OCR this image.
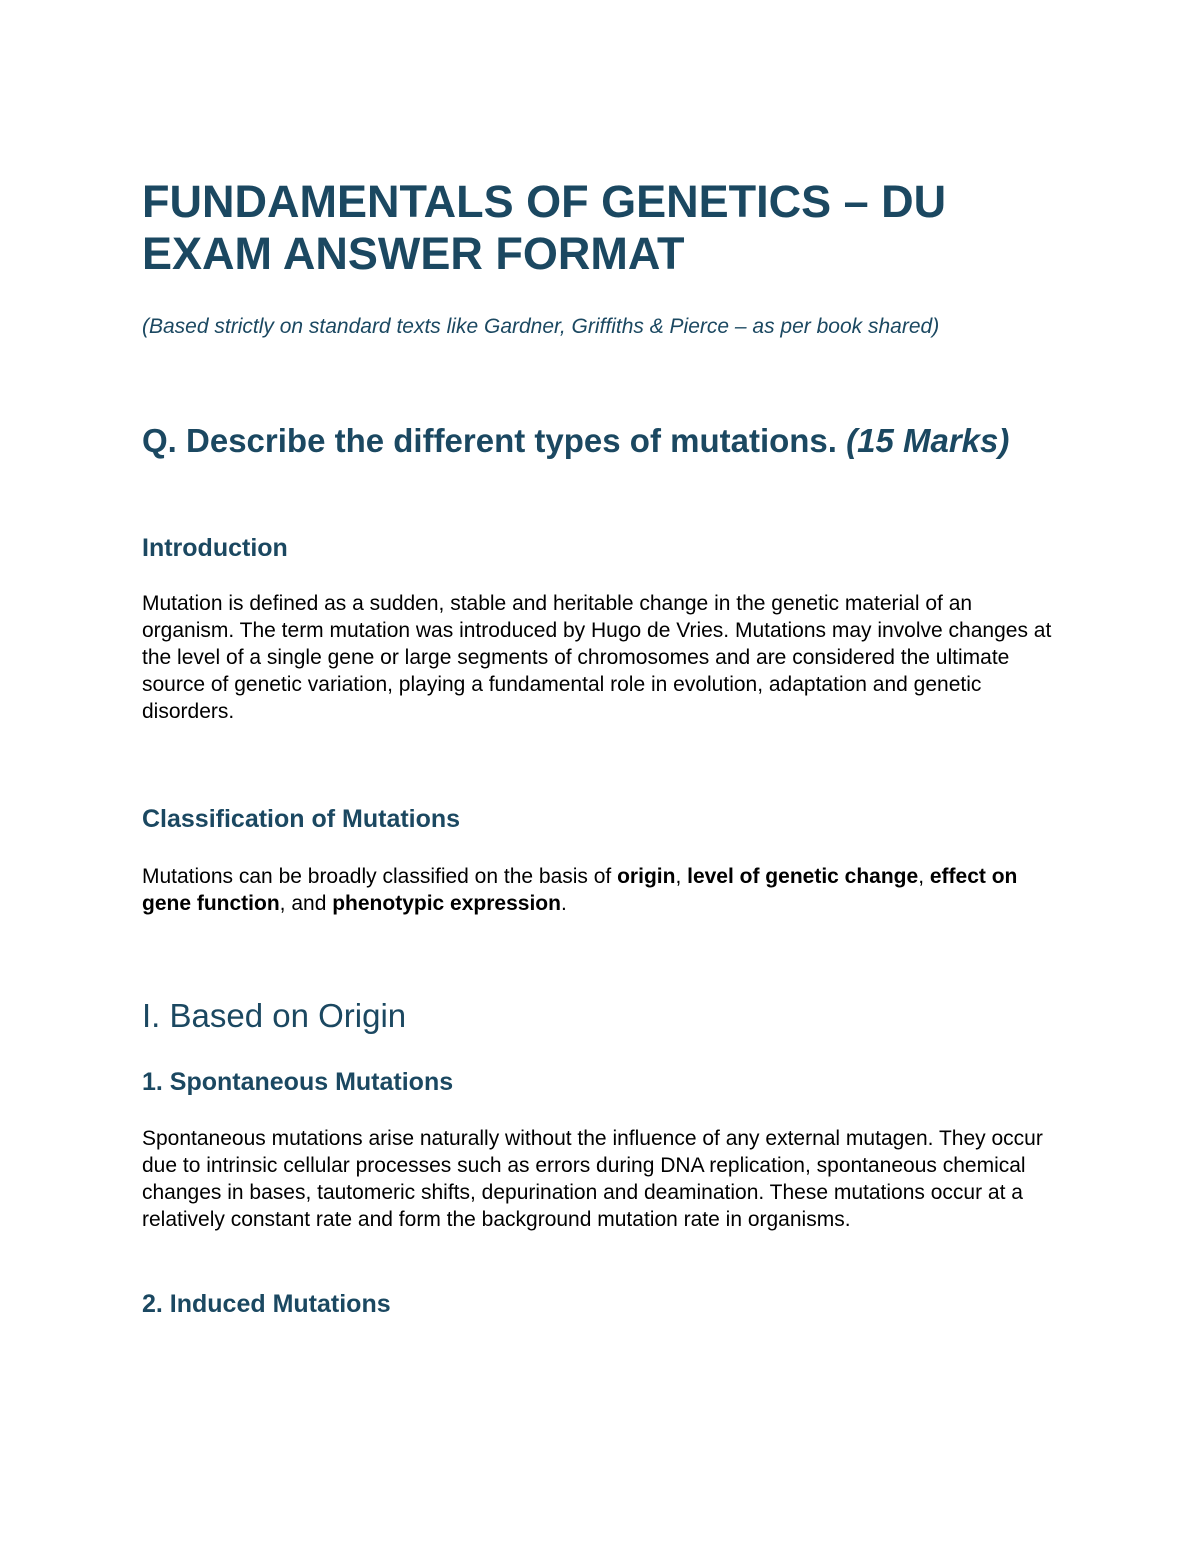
FUNDAMENTALS OF GENETICS – DU EXAM ANSWER FORMAT

(Based strictly on standard texts like Gardner, Griffiths & Pierce – as per book shared)

Q. Describe the different types of mutations. (15 Marks)
Introduction

Mutation is defined as a sudden, stable and heritable change in the genetic material of an organism. The term mutation was introduced by Hugo de Vries. Mutations may involve changes at the level of a single gene or large segments of chromosomes and are considered the ultimate source of genetic variation, playing a fundamental role in evolution, adaptation and genetic disorders.

Classification of Mutations

Mutations can be broadly classified on the basis of origin, level of genetic change, effect on gene function, and phenotypic expression.

I. Based on Origin
1. Spontaneous Mutations

Spontaneous mutations arise naturally without the influence of any external mutagen. They occur due to intrinsic cellular processes such as errors during DNA replication, spontaneous chemical changes in bases, tautomeric shifts, depurination and deamination. These mutations occur at a relatively constant rate and form the background mutation rate in organisms.

2. Induced Mutations
